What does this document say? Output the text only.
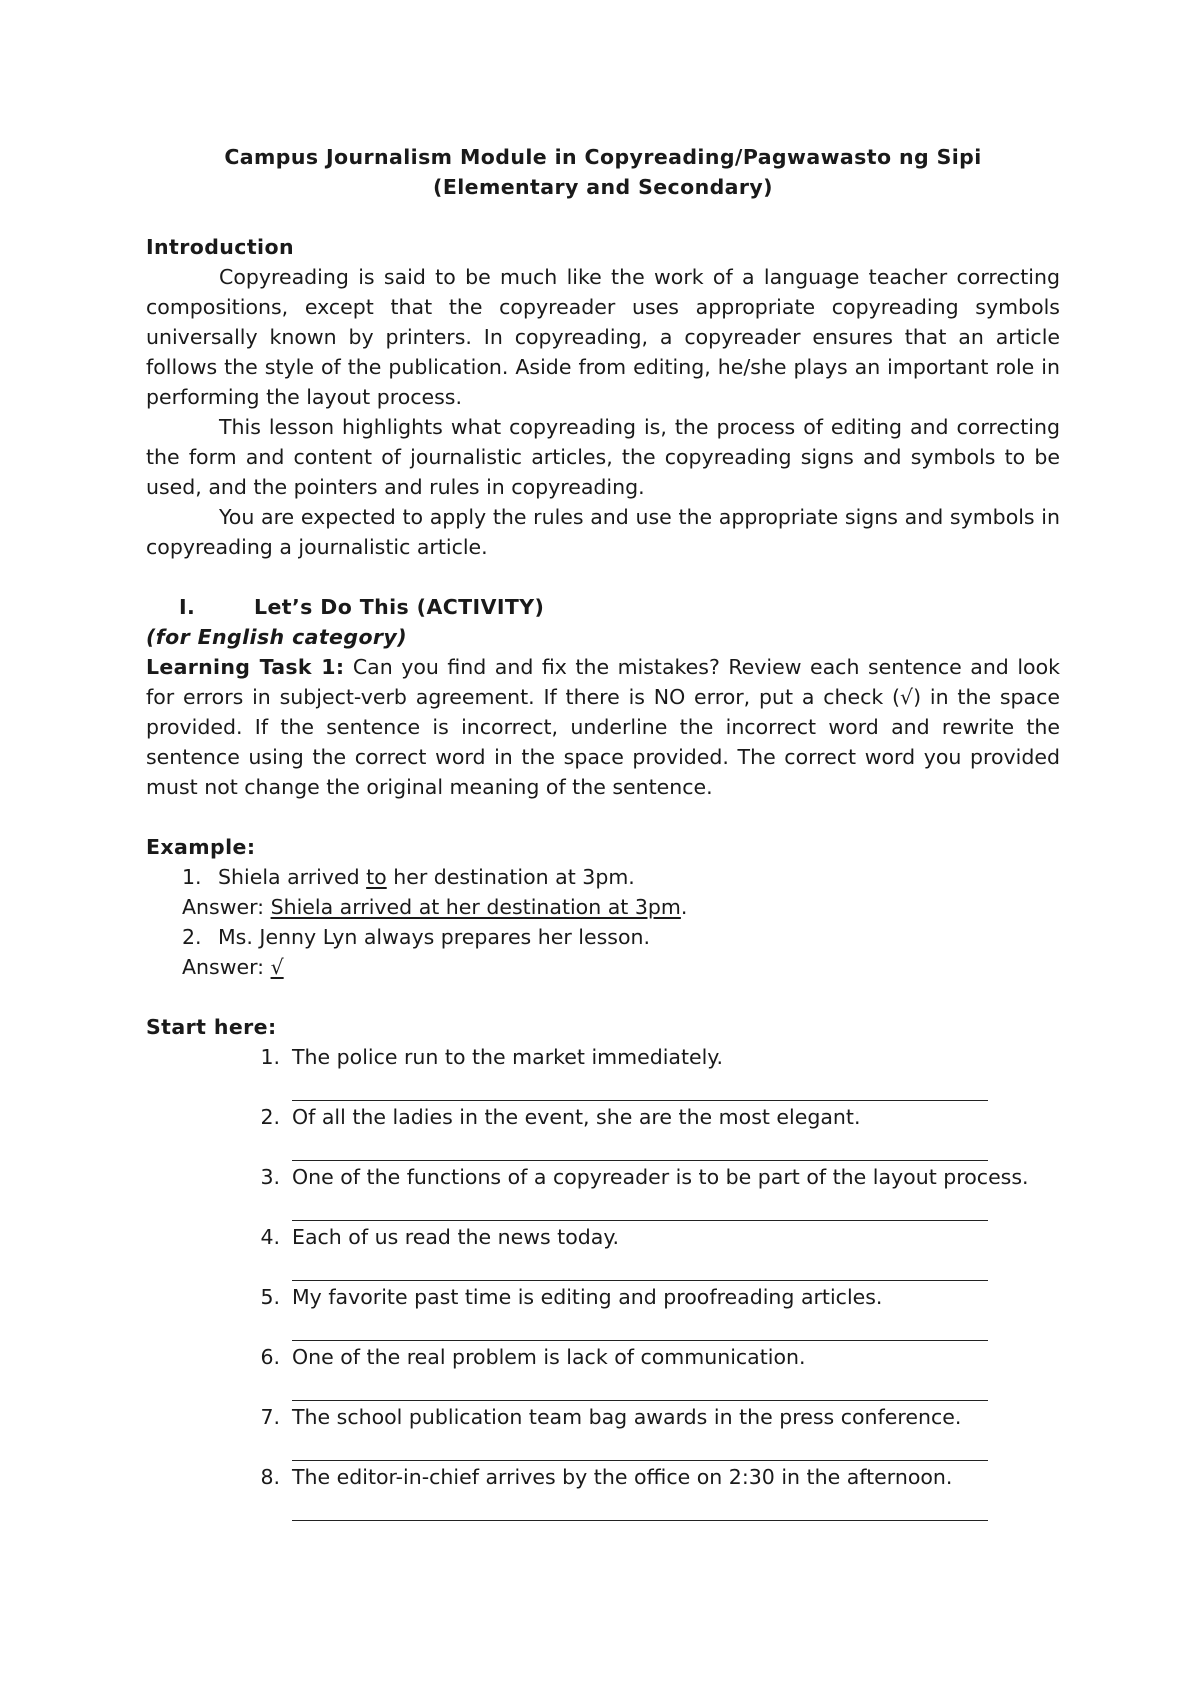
Campus Journalism Module in Copyreading/Pagwawasto ng Sipi
(Elementary and Secondary)
Introduction

Copyreading is said to be much like the work of a language teacher correcting compositions, except that the copyreader uses appropriate copyreading symbols universally known by printers. In copyreading, a copyreader ensures that an article follows the style of the publication. Aside from editing, he/she plays an important role in performing the layout process.

This lesson highlights what copyreading is, the process of editing and correcting the form and content of journalistic articles, the copyreading signs and symbols to be used, and the pointers and rules in copyreading.

You are expected to apply the rules and use the appropriate signs and symbols in copyreading a journalistic article.

I.	Let’s Do This (ACTIVITY)
(for English category)

Learning Task 1: Can you find and fix the mistakes? Review each sentence and look for errors in subject-verb agreement. If there is NO error, put a check (√) in the space provided. If the sentence is incorrect, underline the incorrect word and rewrite the sentence using the correct word in the space provided. The correct word you provided must not change the original meaning of the sentence.

Example:
1. Shiela arrived to her destination at 3pm.
Answer: Shiela arrived at her destination at 3pm.
2. Ms. Jenny Lyn always prepares her lesson.
Answer: √
Start here:
1. The police run to the market immediately.
2. Of all the ladies in the event, she are the most elegant.
3. One of the functions of a copyreader is to be part of the layout process.
4. Each of us read the news today.
5. My favorite past time is editing and proofreading articles.
6. One of the real problem is lack of communication.
7. The school publication team bag awards in the press conference.
8. The editor-in-chief arrives by the office on 2:30 in the afternoon.
